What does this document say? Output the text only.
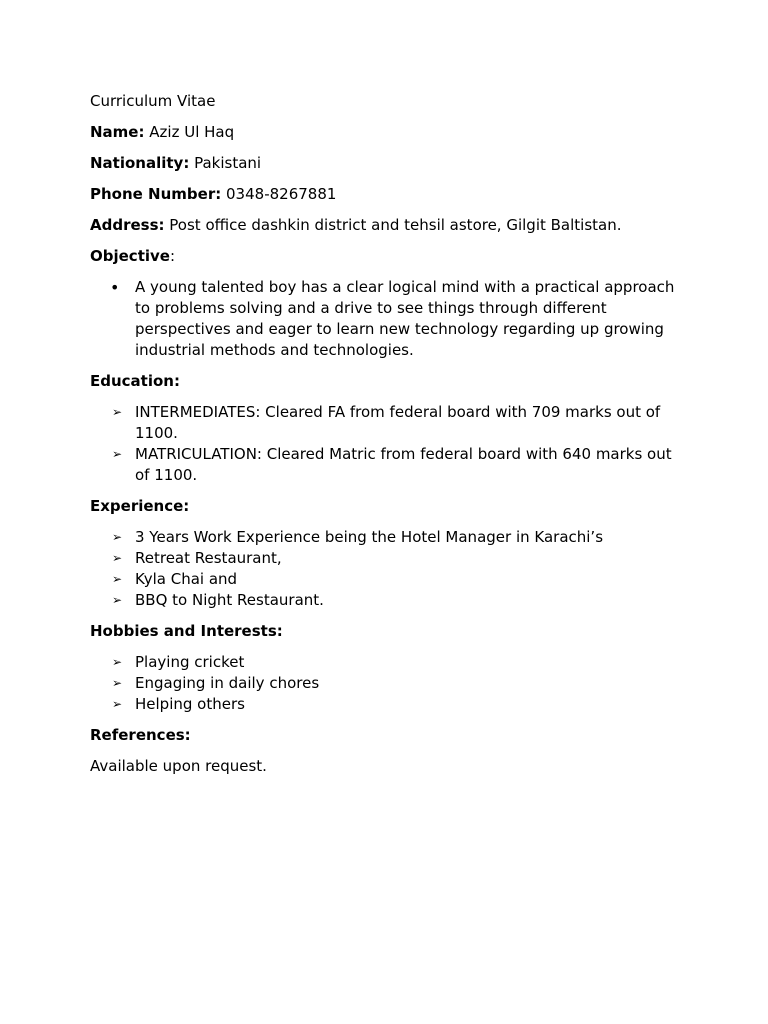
Curriculum Vitae

Name: Aziz Ul Haq

Nationality: Pakistani

Phone Number: 0348-8267881

Address: Post office dashkin district and tehsil astore, Gilgit Baltistan.

Objective:

•	A young talented boy has a clear logical mind with a practical approach to problems solving and a drive to see things through different perspectives and eager to learn new technology regarding up growing industrial methods and technologies.

Education:

➢ INTERMEDIATES: Cleared FA from federal board with 709 marks out of 1100.
➢ MATRICULATION: Cleared Matric from federal board with 640 marks out of 1100.

Experience:

➢ 3 Years Work Experience being the Hotel Manager in Karachi’s
➢ Retreat Restaurant,
➢ Kyla Chai and
➢ BBQ to Night Restaurant.

Hobbies and Interests:

➢ Playing cricket
➢ Engaging in daily chores
➢ Helping others

References:

Available upon request.
